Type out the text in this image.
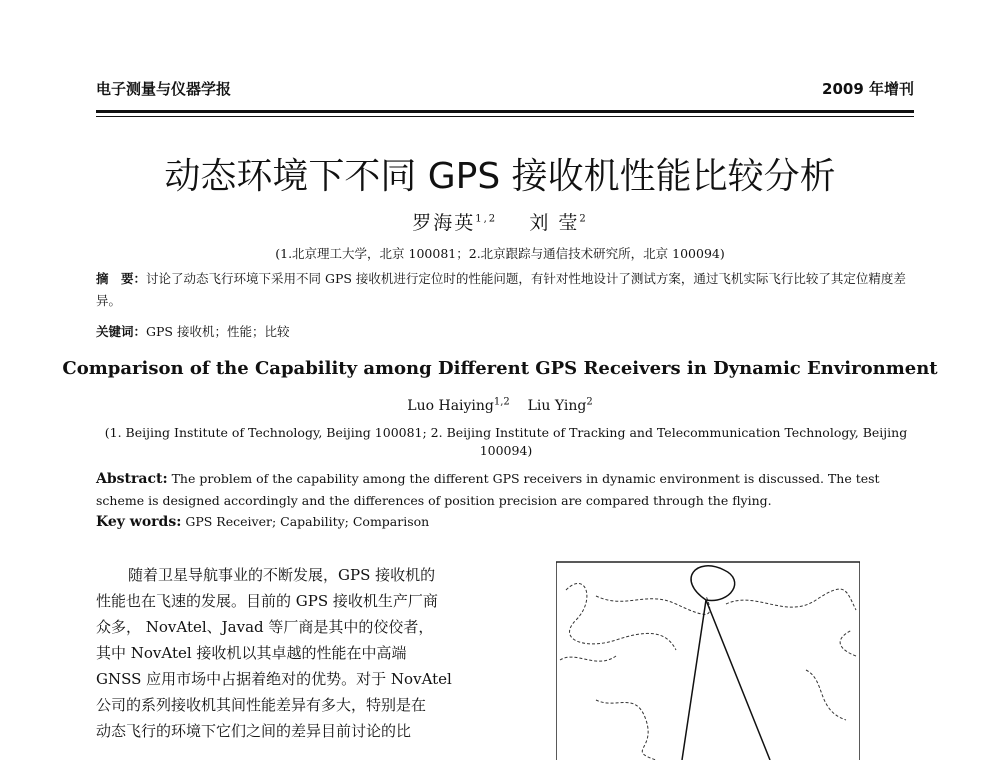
电子测量与仪器学报	2009 年增刊
动态环境下不同 GPS 接收机性能比较分析
罗海英$^{1,2}$ 刘 莹$^2$
(1.北京理工大学，北京 100081；2.北京跟踪与通信技术研究所，北京 100094)
摘　要：讨论了动态飞行环境下采用不同 GPS 接收机进行定位时的性能问题，有针对性地设计了测试方案，通过飞机实际飞行比较了其定位精度差异。
关键词：GPS 接收机；性能；比较
Comparison of the Capability among Different GPS Receivers in Dynamic Environment
Luo Haiying$^{1,2}$ Liu Ying$^2$
(1. Beijing Institute of Technology, Beijing 100081; 2. Beijing Institute of Tracking and Telecommunication Technology, Beijing 100094)
Abstract: The problem of the capability among the different GPS receivers in dynamic environment is discussed. The test scheme is designed accordingly and the differences of position precision are compared through the flying.
Key words: GPS Receiver; Capability; Comparison
随着卫星导航事业的不断发展，GPS 接收机的
性能也在飞速的发展。目前的 GPS 接收机生产厂商
众多， NovAtel、Javad 等厂商是其中的佼佼者，
其中 NovAtel 接收机以其卓越的性能在中高端
GNSS 应用市场中占据着绝对的优势。对于 NovAtel
公司的系列接收机其间性能差异有多大，特别是在
动态飞行的环境下它们之间的差异目前讨论的比
